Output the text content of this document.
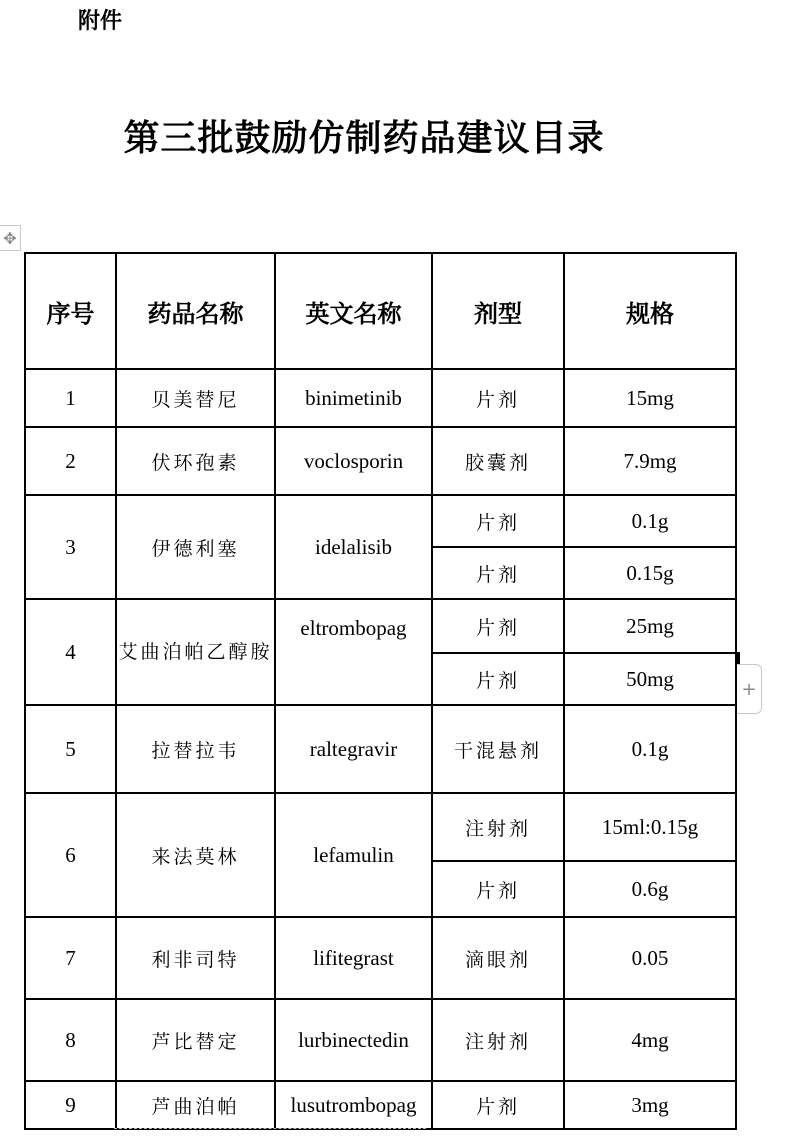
附件
第三批鼓励仿制药品建议目录
✥
+
序号	药品名称	英文名称	剂型	规格
1	贝美替尼	binimetinib	片剂	15mg
2	伏环孢素	voclosporin	胶囊剂	7.9mg
3	伊德利塞	idelalisib	片剂	0.1g
			片剂	0.15g
4	艾曲泊帕乙醇胺	eltrombopag	片剂	25mg
			片剂	50mg
5	拉替拉韦	raltegravir	干混悬剂	0.1g
6	来法莫林	lefamulin	注射剂	15ml:0.15g
			片剂	0.6g
7	利非司特	lifitegrast	滴眼剂	0.05
8	芦比替定	lurbinectedin	注射剂	4mg
9	芦曲泊帕	lusutrombopag	片剂	3mg
